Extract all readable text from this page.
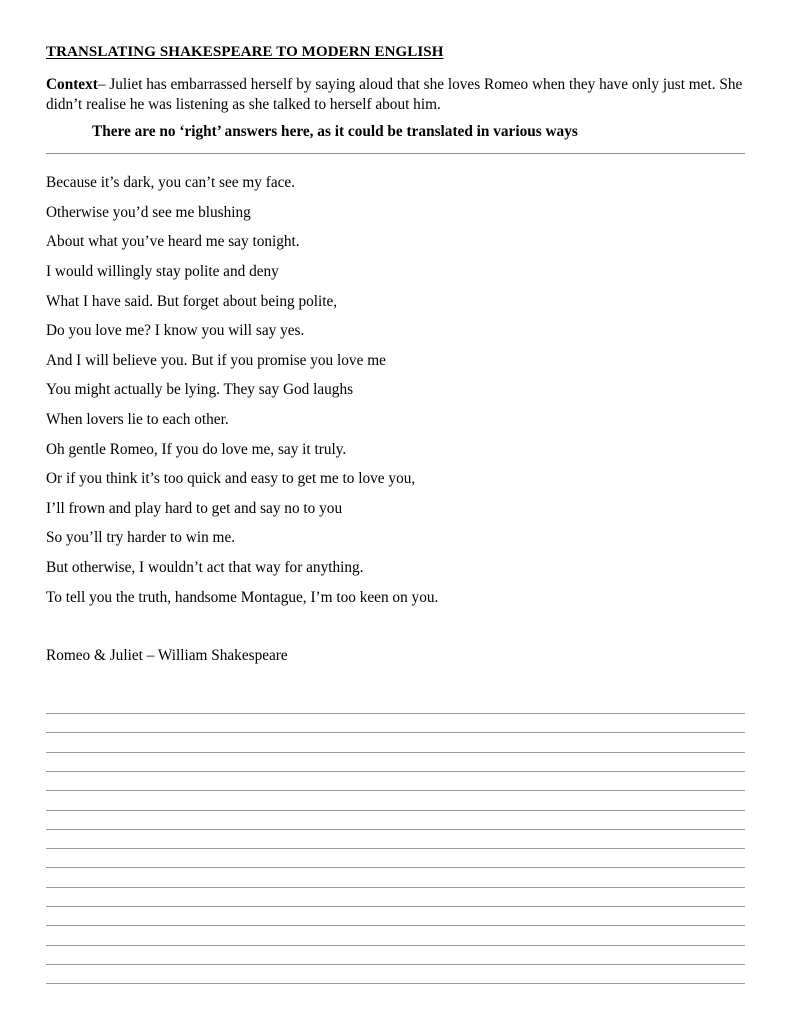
TRANSLATING SHAKESPEARE TO MODERN ENGLISH

Context– Juliet has embarrassed herself by saying aloud that she loves Romeo when they have only just met. She didn’t realise he was listening as she talked to herself about him.

There are no ‘right’ answers here, as it could be translated in various ways

Because it’s dark, you can’t see my face.
Otherwise you’d see me blushing
About what you’ve heard me say tonight.
I would willingly stay polite and deny
What I have said. But forget about being polite,
Do you love me? I know you will say yes.
And I will believe you. But if you promise you love me
You might actually be lying. They say God laughs
When lovers lie to each other.
Oh gentle Romeo, If you do love me, say it truly.
Or if you think it’s too quick and easy to get me to love you,
I’ll frown and play hard to get and say no to you
So you’ll try harder to win me.
But otherwise, I wouldn’t act that way for anything.
To tell you the truth, handsome Montague, I’m too keen on you.
Romeo & Juliet – William Shakespeare
